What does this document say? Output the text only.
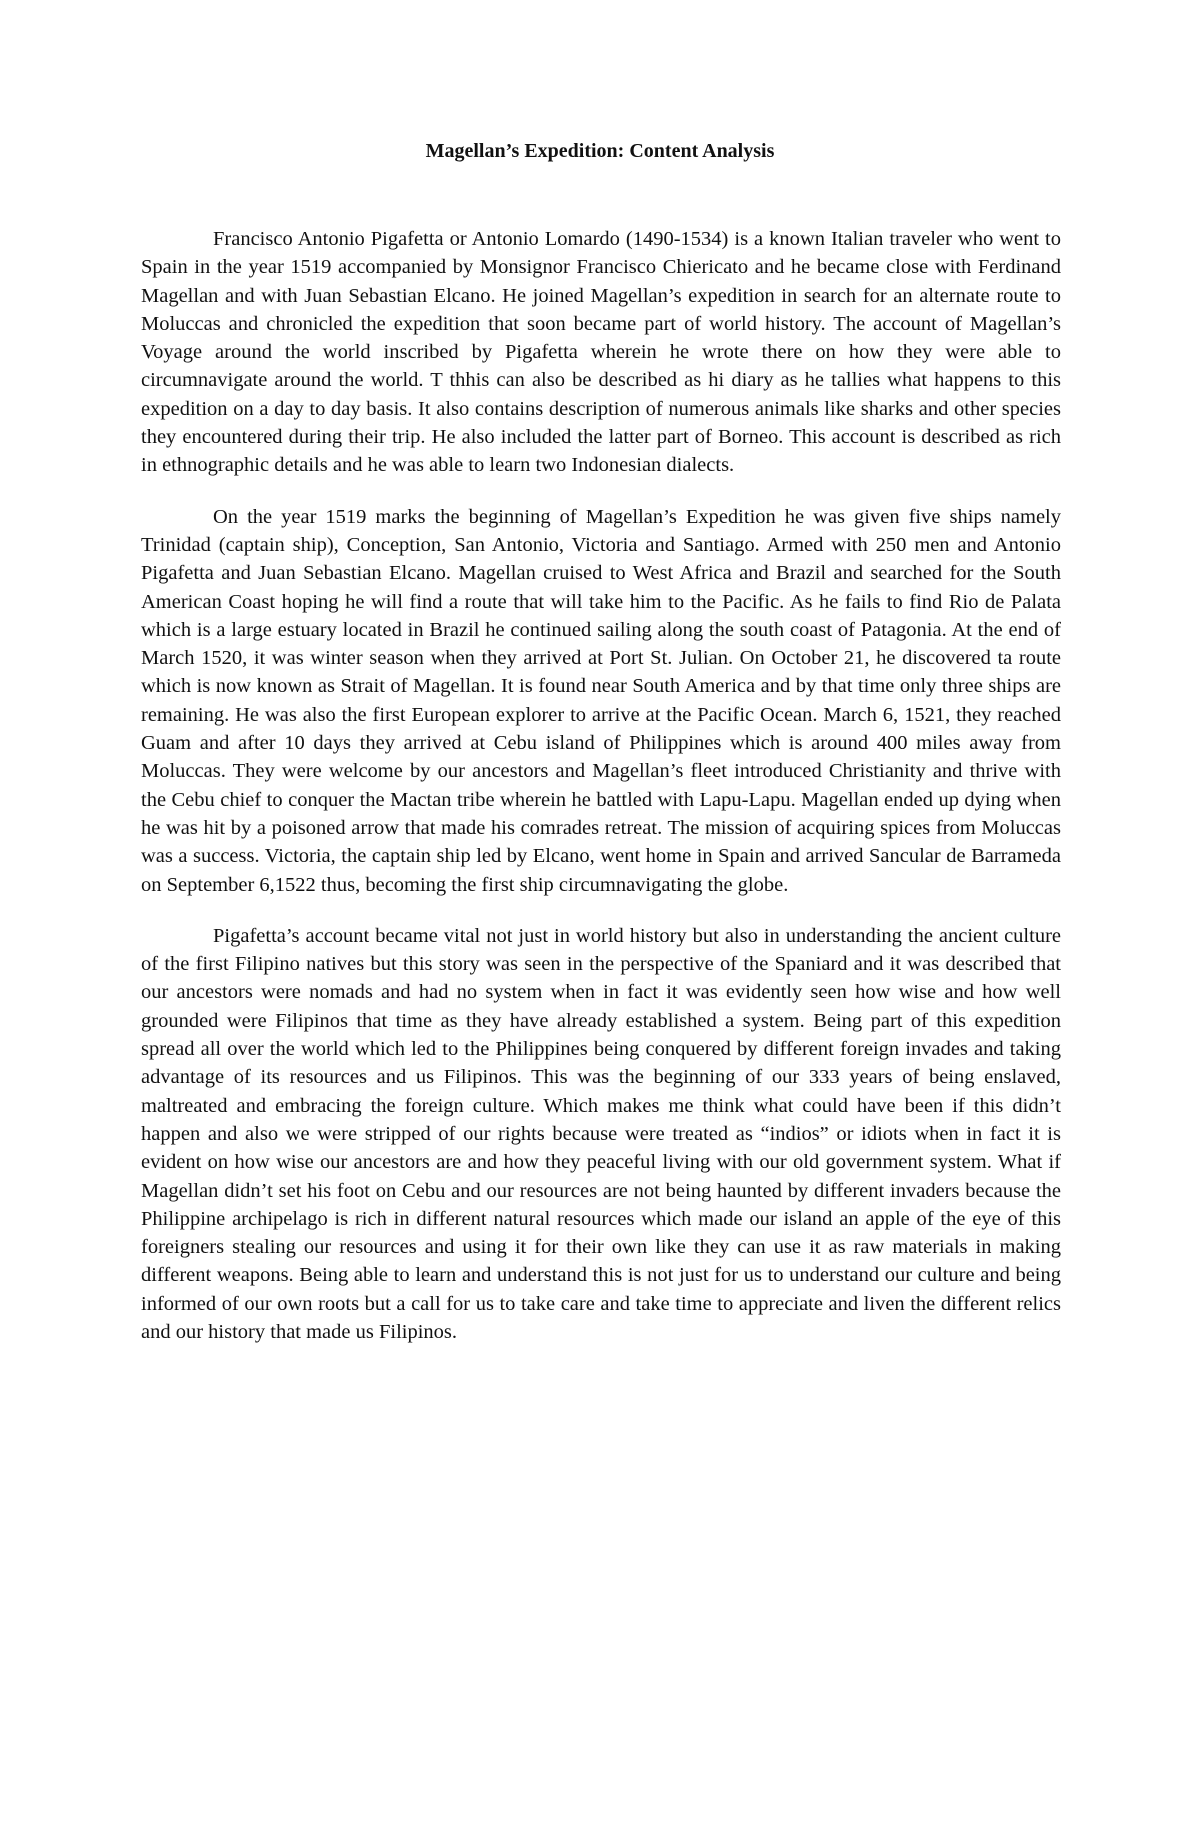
Magellan’s Expedition: Content Analysis

Francisco Antonio Pigafetta or Antonio Lomardo (1490-1534) is a known Italian traveler who went to Spain in the year 1519 accompanied by Monsignor Francisco Chiericato and he became close with Ferdinand Magellan and with Juan Sebastian Elcano. He joined Magellan’s expedition in search for an alternate route to Moluccas and chronicled the expedition that soon became part of world history. The account of Magellan’s Voyage around the world inscribed by Pigafetta wherein he wrote there on how they were able to circumnavigate around the world. T thhis can also be described as hi diary as he tallies what happens to this expedition on a day to day basis. It also contains description of numerous animals like sharks and other species they encountered during their trip. He also included the latter part of Borneo. This account is described as rich in ethnographic details and he was able to learn two Indonesian dialects.

On the year 1519 marks the beginning of Magellan’s Expedition he was given five ships namely Trinidad (captain ship), Conception, San Antonio, Victoria and Santiago. Armed with 250 men and Antonio Pigafetta and Juan Sebastian Elcano. Magellan cruised to West Africa and Brazil and searched for the South American Coast hoping he will find a route that will take him to the Pacific. As he fails to find Rio de Palata which is a large estuary located in Brazil he continued sailing along the south coast of Patagonia. At the end of March 1520, it was winter season when they arrived at Port St. Julian. On October 21, he discovered ta route which is now known as Strait of Magellan. It is found near South America and by that time only three ships are remaining. He was also the first European explorer to arrive at the Pacific Ocean. March 6, 1521, they reached Guam and after 10 days they arrived at Cebu island of Philippines which is around 400 miles away from Moluccas. They were welcome by our ancestors and Magellan’s fleet introduced Christianity and thrive with the Cebu chief to conquer the Mactan tribe wherein he battled with Lapu-Lapu. Magellan ended up dying when he was hit by a poisoned arrow that made his comrades retreat. The mission of acquiring spices from Moluccas was a success. Victoria, the captain ship led by Elcano, went home in Spain and arrived Sancular de Barrameda on September 6,1522 thus, becoming the first ship circumnavigating the globe.

Pigafetta’s account became vital not just in world history but also in understanding the ancient culture of the first Filipino natives but this story was seen in the perspective of the Spaniard and it was described that our ancestors were nomads and had no system when in fact it was evidently seen how wise and how well grounded were Filipinos that time as they have already established a system. Being part of this expedition spread all over the world which led to the Philippines being conquered by different foreign invades and taking advantage of its resources and us Filipinos. This was the beginning of our 333 years of being enslaved, maltreated and embracing the foreign culture. Which makes me think what could have been if this didn’t happen and also we were stripped of our rights because were treated as “indios” or idiots when in fact it is evident on how wise our ancestors are and how they peaceful living with our old government system. What if Magellan didn’t set his foot on Cebu and our resources are not being haunted by different invaders because the Philippine archipelago is rich in different natural resources which made our island an apple of the eye of this foreigners stealing our resources and using it for their own like they can use it as raw materials in making different weapons. Being able to learn and understand this is not just for us to understand our culture and being informed of our own roots but a call for us to take care and take time to appreciate and liven the different relics and our history that made us Filipinos.
